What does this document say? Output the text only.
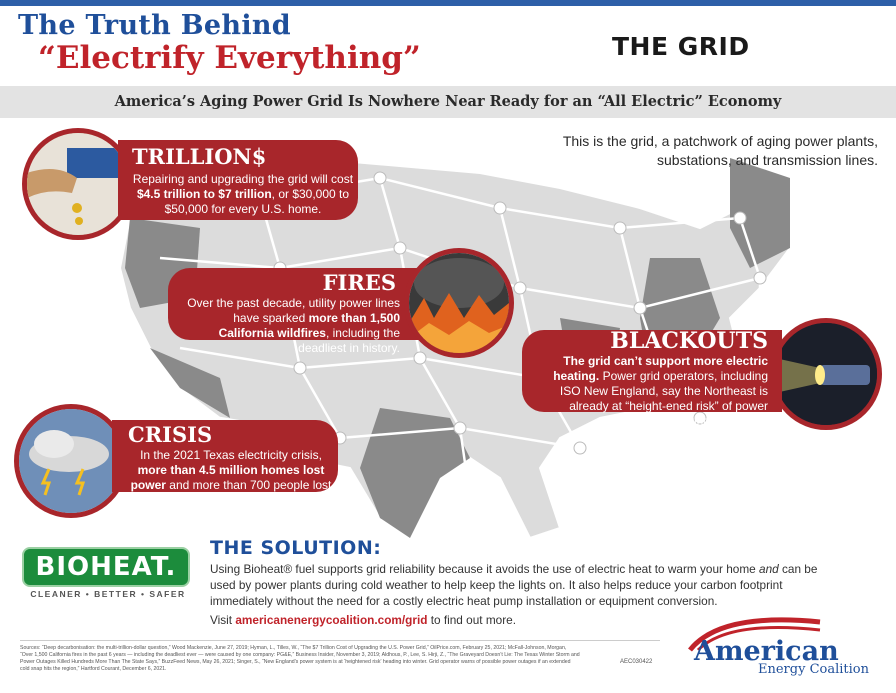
The Truth Behind
“Electrify Everything”	THE GRID
America’s Aging Power Grid Is Nowhere Near Ready for an “All Electric” Economy
This is the grid, a patchwork of aging power plants, substations, and transmission lines.
TRILLION$
Repairing and upgrading the grid will cost $4.5 trillion to $7 trillion, or $30,000 to $50,000 for every U.S. home.
FIRES
Over the past decade, utility power lines have sparked more than 1,500 California wildfires, including the deadliest in history.	BLACKOUTS
The grid can’t support more electric heating. Power grid operators, including ISO New England, say the Northeast is already at “height-ened risk” of power outages during the winter.
CRISIS
In the 2021 Texas electricity crisis, more than 4.5 million homes lost power and more than 700 people lost their lives.
BIOHEAT.
CLEANER • BETTER • SAFER
THE SOLUTION:
Using Bioheat® fuel supports grid reliability because it avoids the use of electric heat to warm your home and can be used by power plants during cold weather to help keep the lights on. It also helps reduce your carbon footprint immediately without the need for a costly electric heat pump installation or equipment conversion.
Visit americanenergycoalition.com/grid to find out more.
Sources: “Deep decarbonisation: the multi-trillion-dollar question,” Wood Mackenzie, June 27, 2019; Hyman, L., Tilles, W., “The $7 Trillion Cost of Upgrading the U.S. Power Grid,” OilPrice.com, February 25, 2021; McFall-Johnson, Morgan, “Over 1,500 California fires in the past 6 years — including the deadliest ever — were caused by one company: PG&E,” Business Insider, November 3, 2019; Aldhous, P., Lee, S. Hirji, Z., “The Graveyard Doesn’t Lie: The Texas Winter Storm and Power Outages Killed Hundreds More Than The State Says,” BuzzFeed News, May 26, 2021; Singer, S., “New England’s power system is at ‘heightened risk’ heading into winter. Grid operator warns of possible power outages if an extended cold snap hits the region,” Hartford Courant, December 6, 2021.
AEC030422 American
Energy Coalition
